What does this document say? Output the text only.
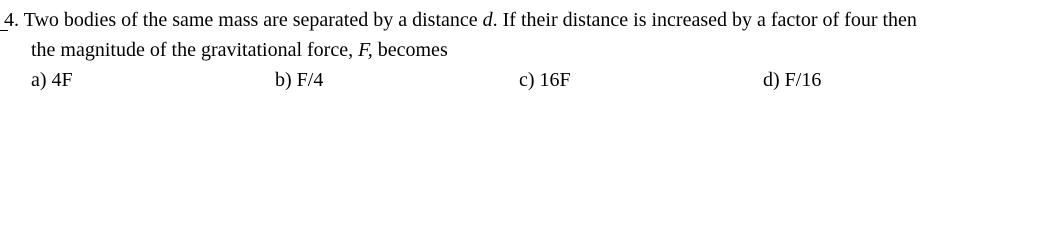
4. Two bodies of the same mass are separated by a distance d. If their distance is increased by a factor of four then
the magnitude of the gravitational force, F, becomes
a) 4F	b) F/4	c) 16F	d) F/16
